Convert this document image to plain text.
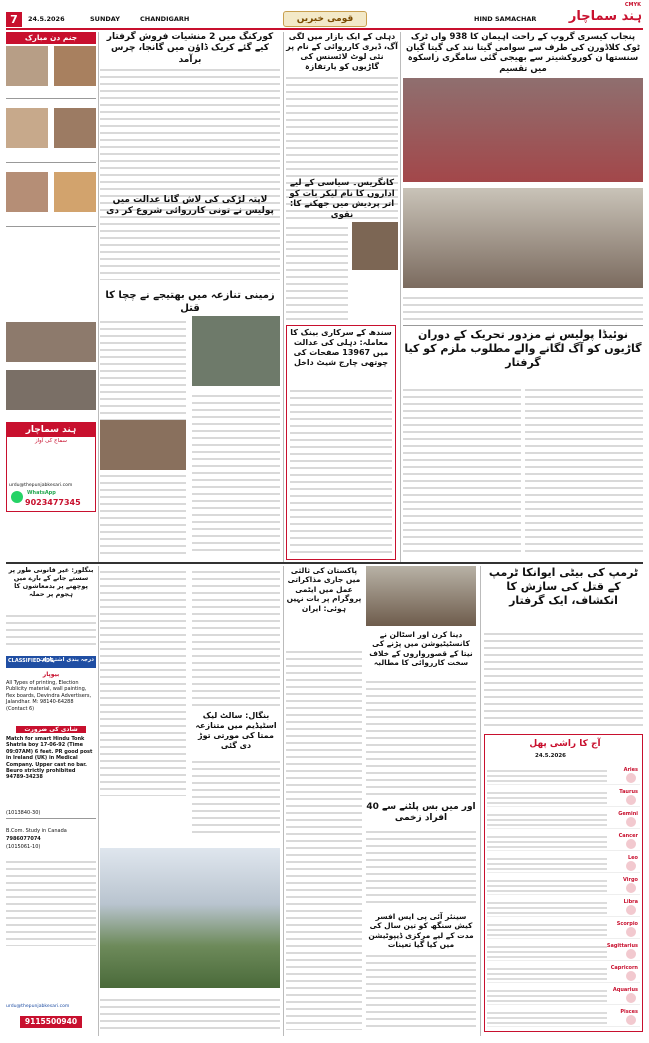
CMYK
7	24.5.2026	SUNDAY	CHANDIGARH	قومی خبریں	HIND SAMACHAR	ہند سماچار
جنم دن مبارک
ہند سماچار
سماج کی آواز
urdu@thepunjabkesari.com
WhatsApp
9023477345
کورکنگ میں 2 منشیات فروش گرفتار کیے گئے کریک ڈاؤن میں گانجا، چرس برآمد
لاپتہ لڑکی کی لاش گانا عدالت میں پولیس نے تونی کارروائی شروع کر دی
زمینی تنازعہ میں بھتیجے نے چچا کا قتل
دہلی کے ایک بازار میں لگی آگ، ڈیری کارروائی کے نام پر نئی لوٹ لائسنس کی گاڑیوں کو یارتقازہ
کانگریس۔ سیاسی کے لیے اداروں کا نام لیکر بات کو اتر پردیش میں جھکنے کا: نقوی
سندھ کے سرکاری بینک کا معاملہ: دہلی کی عدالت میں 13967 صفحات کی چوتھی چارج شیٹ داخل
پنجاب کیسری گروپ کے راحت اہیمان کا 938 واں ٹرک ٹوک کلاڈورن کی طرف سے سوامی گیتا نند کی گیتا گیان سنستھا ن کوروکشیتر سے بھیجی گئی سامگری زاسکوہ میں تقسیم
نوئیڈا پولیس نے مزدور تحریک کے دوران گاڑیوں کو آگ لگانے والے مطلوب ملزم کو کیا گرفتار
بنگلور: غیر قانونی طور پر سستے جانے کے بارے میں پوچھنے پر بدمعاشوں کا ہجوم پر حملہ
CLASSIFIED ADS
درجہ بندی اشتہارات
بیوپار
All Types of printing, Election Publicity material, wall painting, flex boards, Devindra Advertisers, Jalandhar. M: 98140-64288 (Contact 6)
شادی کی ضرورت
Match for smart Hindu Tonk Shatria boy 17-06-92 (Time 09:07AM) 6 feet. PR good post in Ireland (UK) in Medical Company. Upper cast no bar. Beuro strictly prohibited 94789-34238
(1013840-30)
B.Com. Study in Canada
7986077074
(1015061-10)
urdu@thepunjabkesari.com
9115500940
بنگال: سالٹ لیک اسٹیڈیم میں متنازعہ ممتا کی مورتی توڑ دی گئی
پاکستان کی ثالثی میں جاری مذاکراتی عمل میں ایٹمی پروگرام پر بات نہیں ہوئی: ایران
دینا کرن اور اسٹالن نے کانسٹیٹیوشن میں پڑنے کی نیتا کے قصورواروں کے خلاف سخت کارروائی کا مطالبہ
اور میں بس پلٹنے سے 40 افراد زخمی
سینئر آئی پی ایس افسر کیش سنگھ کو تین سال کی مدت کے لیے مرکزی ڈیپوٹیشن میں کیا گیا تعینات
ٹرمپ کی بیٹی ایوانکا ٹرمپ کے قتل کی سازش کا انکشاف، ایک گرفتار
آج کا راشی پھل
24.5.2026
Aries
Taurus
Gemini
Cancer
Leo
Virgo
Libra
Scorpio
Sagittarius
Capricorn
Aquarius
Pisces
